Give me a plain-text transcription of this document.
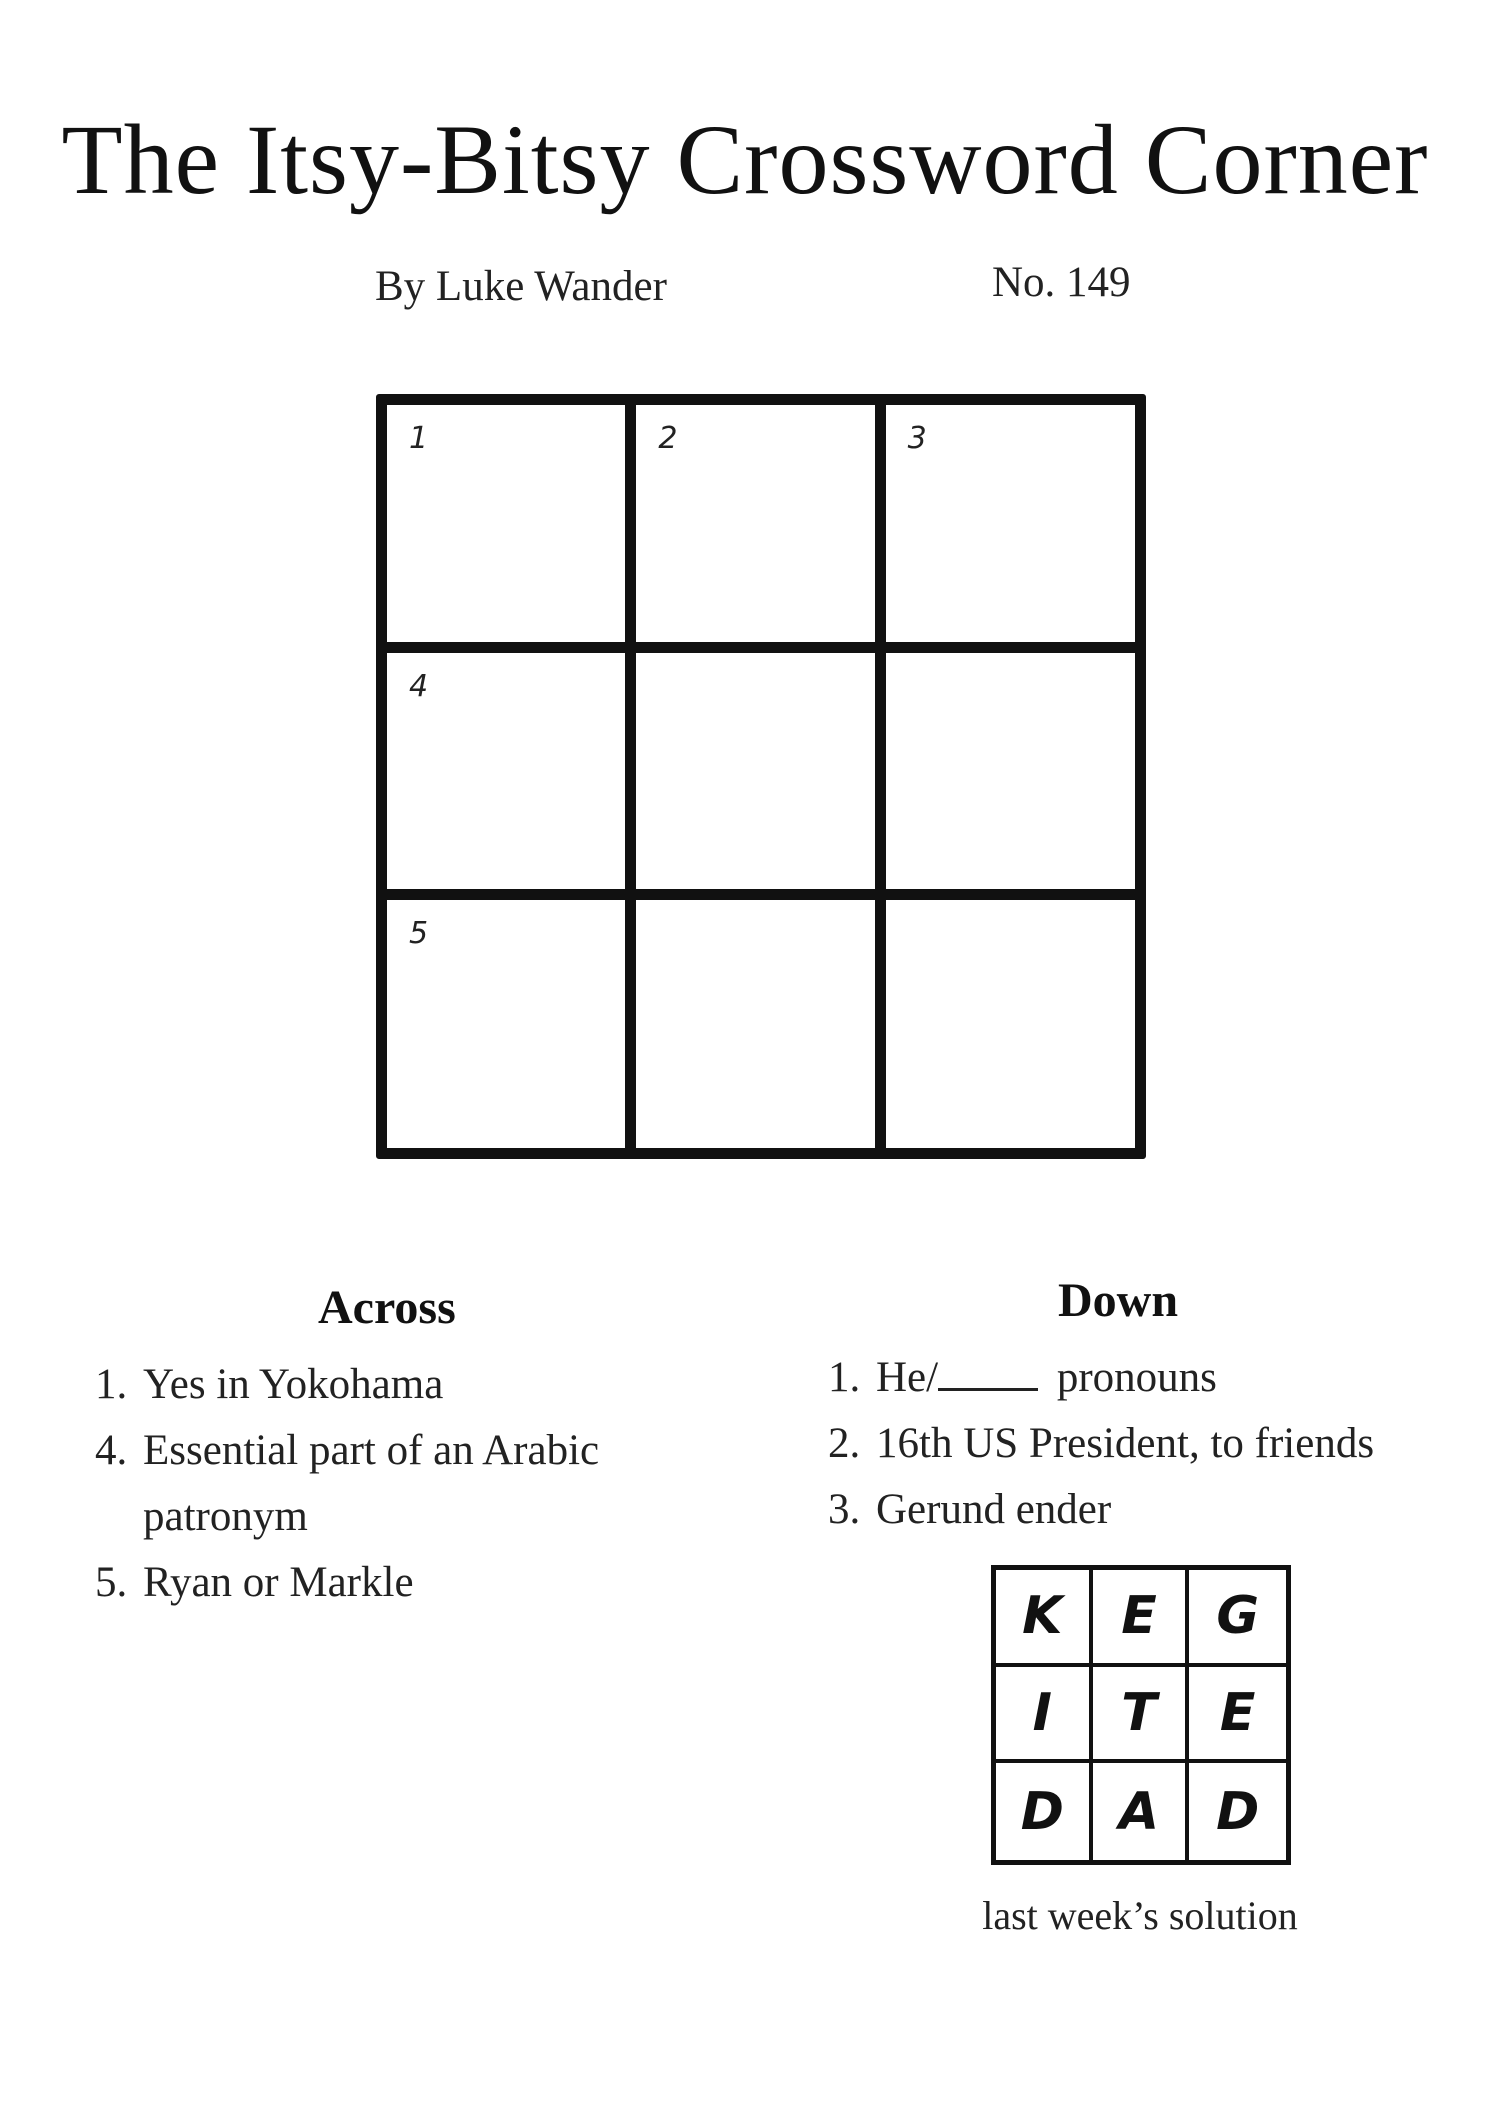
The Itsy-Bitsy Crossword Corner
By Luke Wander	No. 149
1	2	3
4
5
Across
1. Yes in Yokohama
4. Essential part of an Arabic patronym
5. Ryan or Markle
Down
1. He/	pronouns
2. 16th US President, to friends
3. Gerund ender
K	E	G
I	T	E
D	A	D
last week’s solution
